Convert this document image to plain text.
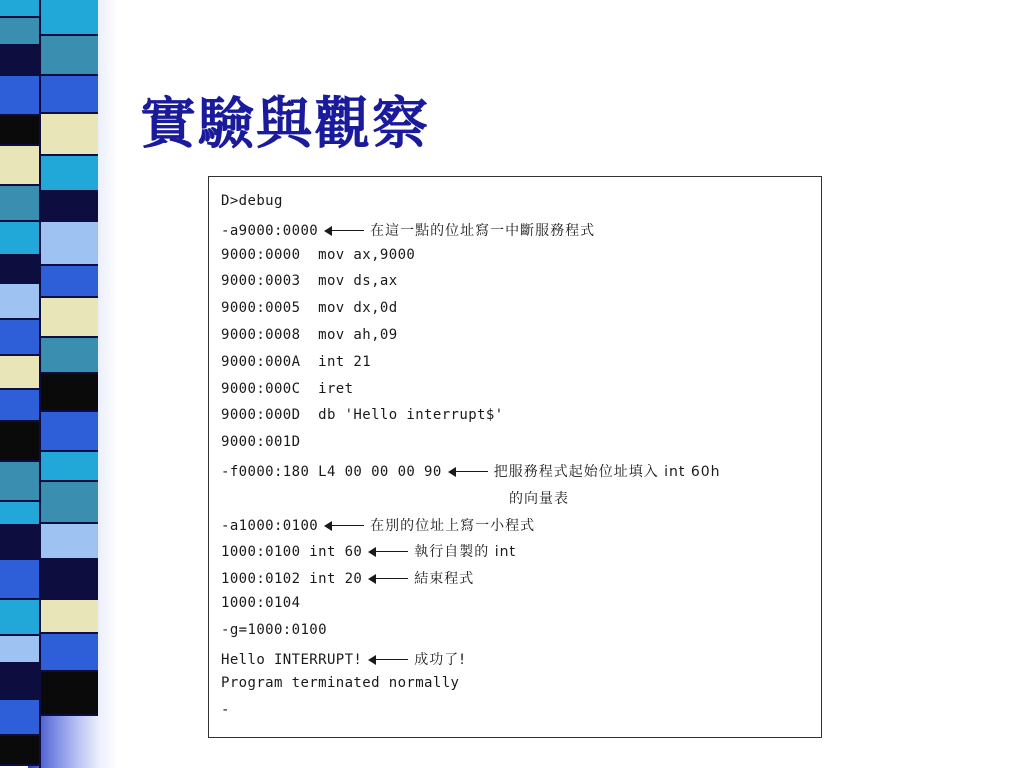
實驗與觀察
D>debug
-a9000:0000	在這一點的位址寫一中斷服務程式
9000:0000  mov ax,9000
9000:0003  mov ds,ax
9000:0005  mov dx,0d
9000:0008  mov ah,09
9000:000A  int 21
9000:000C  iret
9000:000D  db 'Hello interrupt$'
9000:001D
-f0000:180 L4 00 00 00 90	把服務程式起始位址填入 int 60h
的向量表
-a1000:0100	在別的位址上寫一小程式
1000:0100 int 60	執行自製的 int
1000:0102 int 20	結束程式
1000:0104
-g=1000:0100
Hello INTERRUPT!	成功了!
Program terminated normally
-
